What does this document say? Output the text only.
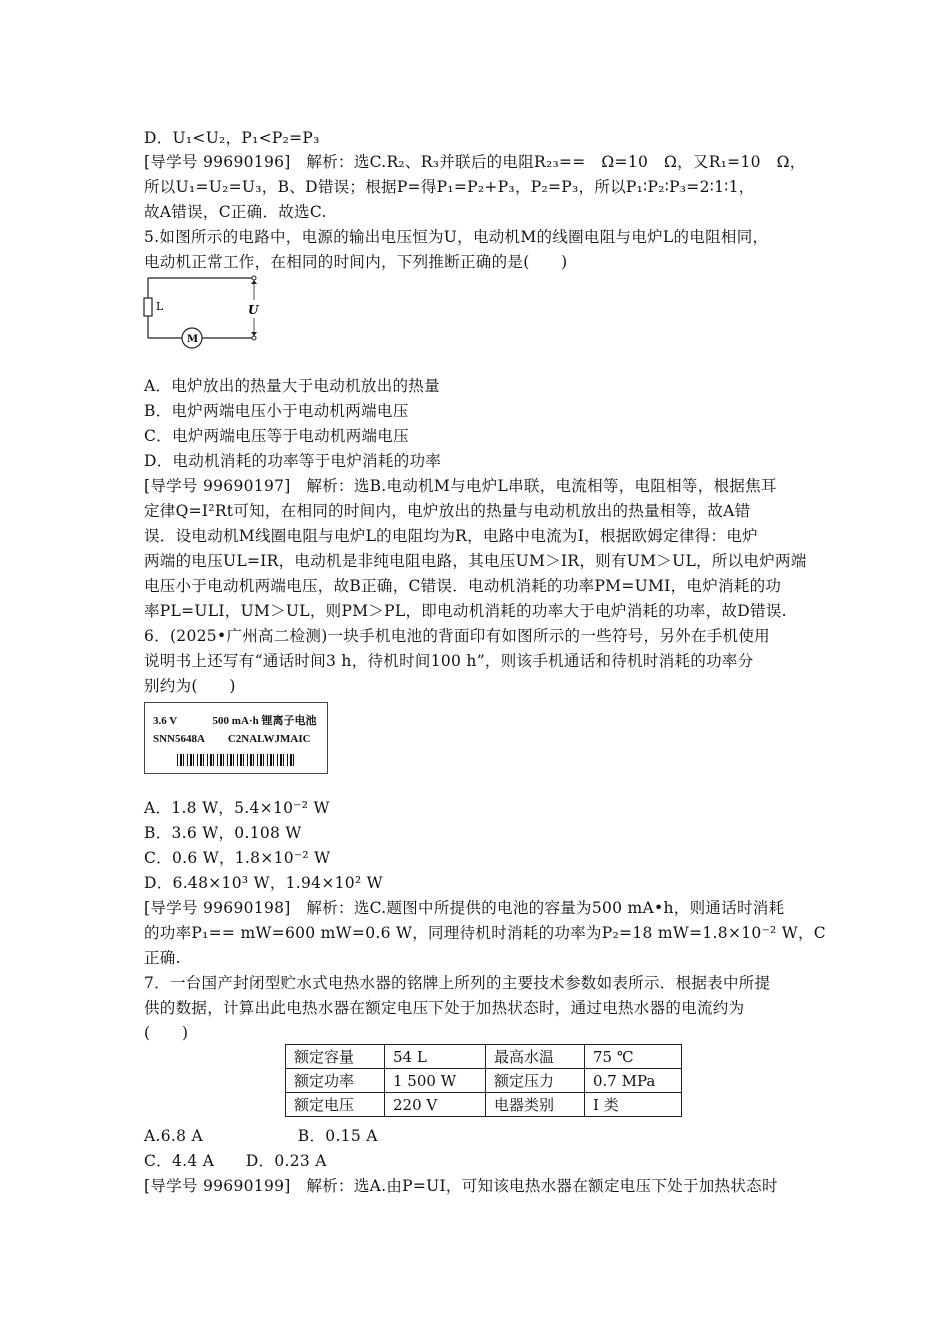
D．U₁<U₂，P₁<P₂=P₃
[导学号 99690196]　解析：选C.R₂、R₃并联后的电阻R₂₃==　Ω=10　Ω，又R₁=10　Ω，
所以U₁=U₂=U₃，B、D错误；根据P=得P₁=P₂+P₃，P₂=P₃，所以P₁∶P₂∶P₃=2∶1∶1，
故A错误，C正确．故选C.
5.如图所示的电路中，电源的输出电压恒为U，电动机M的线圈电阻与电炉L的电阻相同，
电动机正常工作，在相同的时间内，下列推断正确的是(　　)
L
M
U
A．电炉放出的热量大于电动机放出的热量
B．电炉两端电压小于电动机两端电压
C．电炉两端电压等于电动机两端电压
D．电动机消耗的功率等于电炉消耗的功率
[导学号 99690197]　解析：选B.电动机M与电炉L串联，电流相等，电阻相等，根据焦耳
定律Q=I²Rt可知，在相同的时间内，电炉放出的热量与电动机放出的热量相等，故A错
误．设电动机M线圈电阻与电炉L的电阻均为R，电路中电流为I，根据欧姆定律得：电炉
两端的电压UL=IR，电动机是非纯电阻电路，其电压UM＞IR，则有UM＞UL，所以电炉两端
电压小于电动机两端电压，故B正确，C错误．电动机消耗的功率PM=UMI，电炉消耗的功
率PL=ULI，UM＞UL，则PM＞PL，即电动机消耗的功率大于电炉消耗的功率，故D错误.
6．(2025•广州高二检测)一块手机电池的背面印有如图所示的一些符号，另外在手机使用
说明书上还写有“通话时间3 h，待机时间100 h”，则该手机通话和待机时消耗的功率分
别约为(　　)
3.6 V	500 mA·h 锂离子电池
SNN5648A C2NALWJMAIC
A．1.8 W，5.4×10⁻² W
B．3.6 W，0.108 W
C．0.6 W，1.8×10⁻² W
D．6.48×10³ W，1.94×10² W
[导学号 99690198]　解析：选C.题图中所提供的电池的容量为500 mA•h，则通话时消耗
的功率P₁== mW=600 mW=0.6 W，同理待机时消耗的功率为P₂=18 mW=1.8×10⁻² W，C
正确.
7．一台国产封闭型贮水式电热水器的铭牌上所列的主要技术参数如表所示．根据表中所提
供的数据，计算出此电热水器在额定电压下处于加热状态时，通过电热水器的电流约为
(　　)
额定容量	54 L	最高水温	75 ℃
额定功率	1 500 W	额定压力	0.7 MPa
额定电压	220 V	电器类别	Ⅰ 类
A.6.8 A　　　　　　B．0.15 A
C．4.4 A　　D．0.23 A
[导学号 99690199]　解析：选A.由P=UI，可知该电热水器在额定电压下处于加热状态时
